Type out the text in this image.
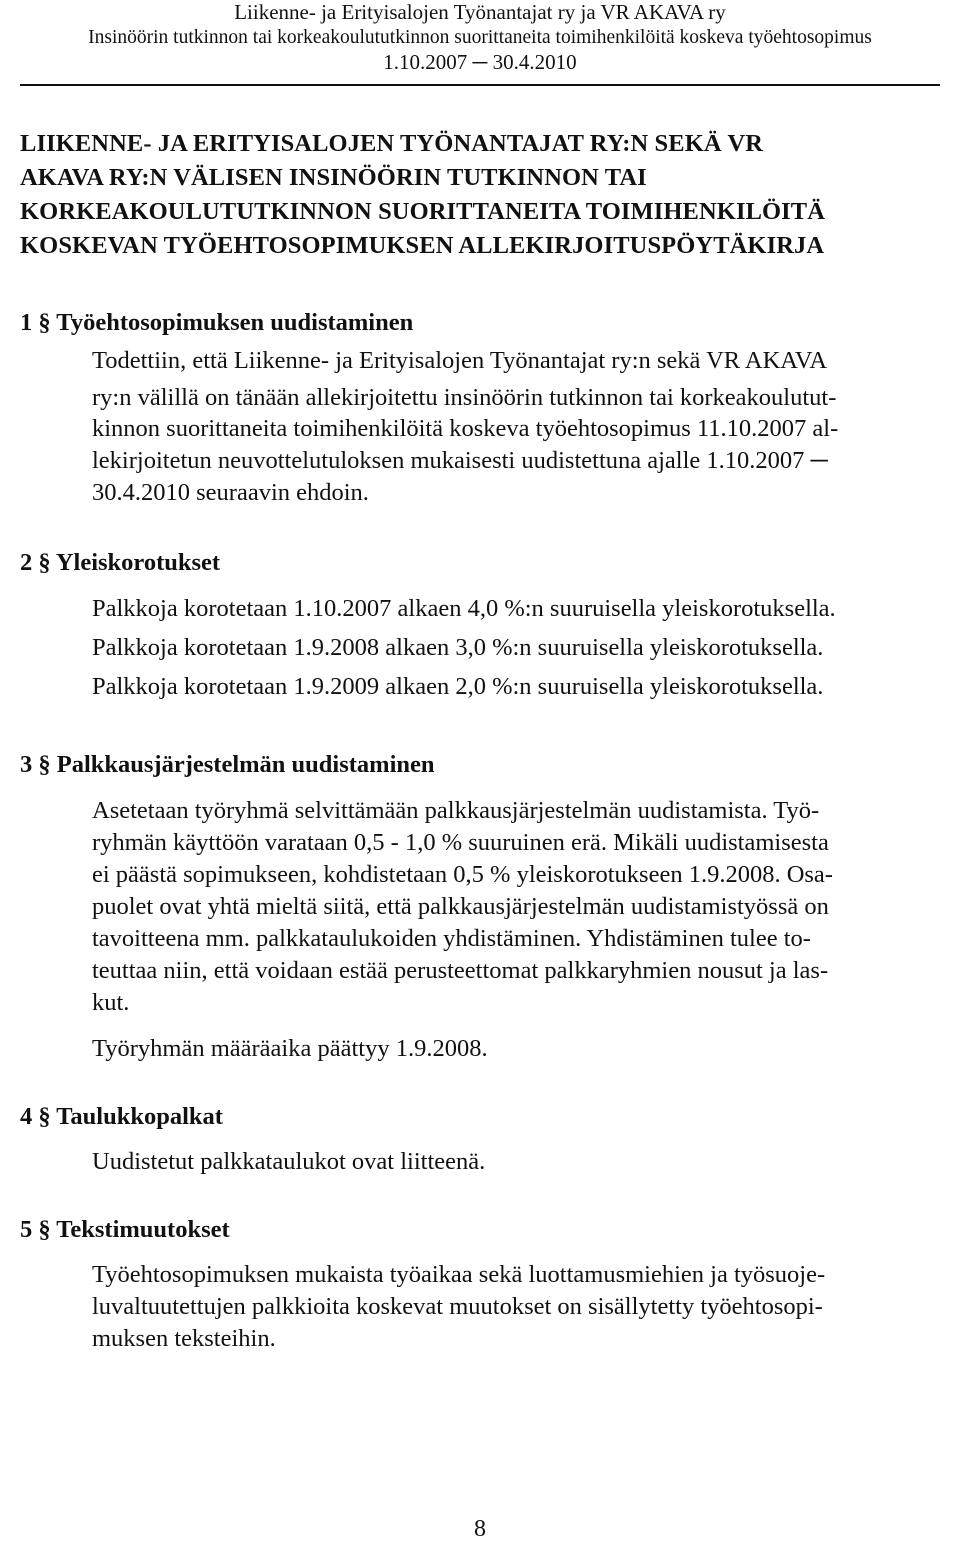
Liikenne- ja Erityisalojen Työnantajat ry ja VR AKAVA ry
Insinöörin tutkinnon tai korkeakoulututkinnon suorittaneita toimihenkilöitä koskeva työehtosopimus
1.10.2007 ─ 30.4.2010
LIIKENNE- JA ERITYISALOJEN TYÖNANTAJAT RY:N SEKÄ VR
AKAVA RY:N VÄLISEN INSINÖÖRIN TUTKINNON TAI
KORKEAKOULUTUTKINNON SUORITTANEITA TOIMIHENKILÖITÄ
KOSKEVAN TYÖEHTOSOPIMUKSEN ALLEKIRJOITUSPÖYTÄKIRJA
1 § Työehtosopimuksen uudistaminen
Todettiin, että Liikenne- ja Erityisalojen Työnantajat ry:n sekä VR AKAVA
ry:n välillä on tänään allekirjoitettu insinöörin tutkinnon tai korkeakoulutut-
kinnon suorittaneita toimihenkilöitä koskeva työehtosopimus 11.10.2007 al-
lekirjoitetun neuvottelutuloksen mukaisesti uudistettuna ajalle 1.10.2007 ─
30.4.2010 seuraavin ehdoin.
2 § Yleiskorotukset
Palkkoja korotetaan 1.10.2007 alkaen 4,0 %:n suuruisella yleiskorotuksella.
Palkkoja korotetaan 1.9.2008 alkaen 3,0 %:n suuruisella yleiskorotuksella.
Palkkoja korotetaan 1.9.2009 alkaen 2,0 %:n suuruisella yleiskorotuksella.
3 § Palkkausjärjestelmän uudistaminen
Asetetaan työryhmä selvittämään palkkausjärjestelmän uudistamista. Työ-
ryhmän käyttöön varataan 0,5 - 1,0 % suuruinen erä. Mikäli uudistamisesta
ei päästä sopimukseen, kohdistetaan 0,5 % yleiskorotukseen 1.9.2008. Osa-
puolet ovat yhtä mieltä siitä, että palkkausjärjestelmän uudistamistyössä on
tavoitteena mm. palkkataulukoiden yhdistäminen. Yhdistäminen tulee to-
teuttaa niin, että voidaan estää perusteettomat palkkaryhmien nousut ja las-
kut.
Työryhmän määräaika päättyy 1.9.2008.
4 § Taulukkopalkat
Uudistetut palkkataulukot ovat liitteenä.
5 § Tekstimuutokset
Työehtosopimuksen mukaista työaikaa sekä luottamusmiehien ja työsuoje-
luvaltuutettujen palkkioita koskevat muutokset on sisällytetty työehtosopi-
muksen teksteihin.
8
